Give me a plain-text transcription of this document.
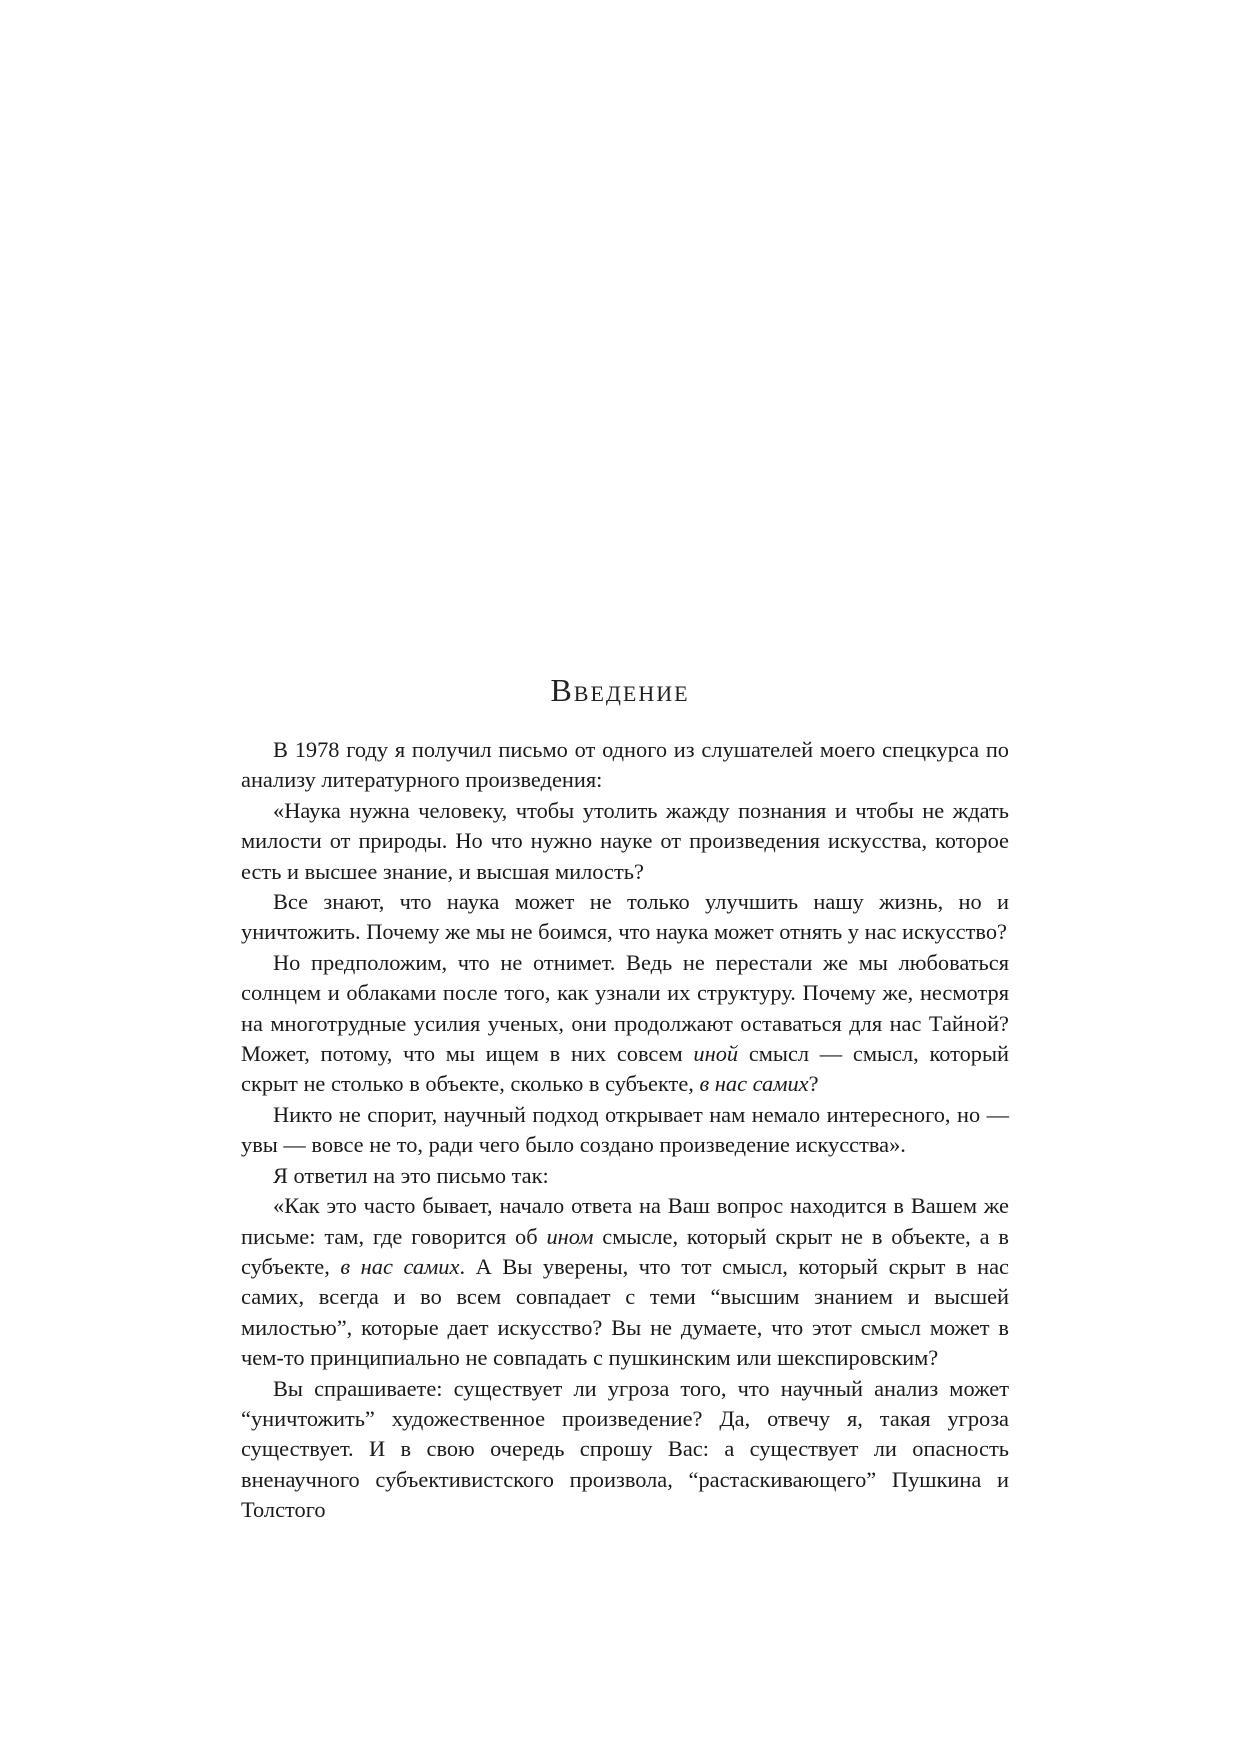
Введение

В 1978 году я получил письмо от одного из слушателей моего спецкурса по анализу литературного произведения:

«Наука нужна человеку, чтобы утолить жажду познания и чтобы не ждать милости от природы. Но что нужно науке от произведения искусства, которое есть и высшее знание, и высшая милость?

Все знают, что наука может не только улучшить нашу жизнь, но и уничтожить. Почему же мы не боимся, что наука может отнять у нас искусство?

Но предположим, что не отнимет. Ведь не перестали же мы любоваться солнцем и облаками после того, как узнали их структуру. Почему же, несмотря на многотрудные усилия ученых, они продолжают оставаться для нас Тайной? Может, потому, что мы ищем в них совсем иной смысл — смысл, который скрыт не столько в объекте, сколько в субъекте, в нас самих?

Никто не спорит, научный подход открывает нам немало интересного, но — увы — вовсе не то, ради чего было создано произведение искусства».

Я ответил на это письмо так:

«Как это часто бывает, начало ответа на Ваш вопрос находится в Вашем же письме: там, где говорится об ином смысле, который скрыт не в объекте, а в субъекте, в нас самих. А Вы уверены, что тот смысл, который скрыт в нас самих, всегда и во всем совпадает с теми “высшим знанием и высшей милостью”, которые дает искусство? Вы не думаете, что этот смысл может в чем-то принципиально не совпадать с пушкинским или шекспировским?

Вы спрашиваете: существует ли угроза того, что научный анализ может “уничтожить” художественное произведение? Да, отвечу я, такая угроза существует. И в свою очередь спрошу Вас: а существует ли опасность вненаучного субъективистского произвола, “растаскивающего” Пушкина и Толстого
